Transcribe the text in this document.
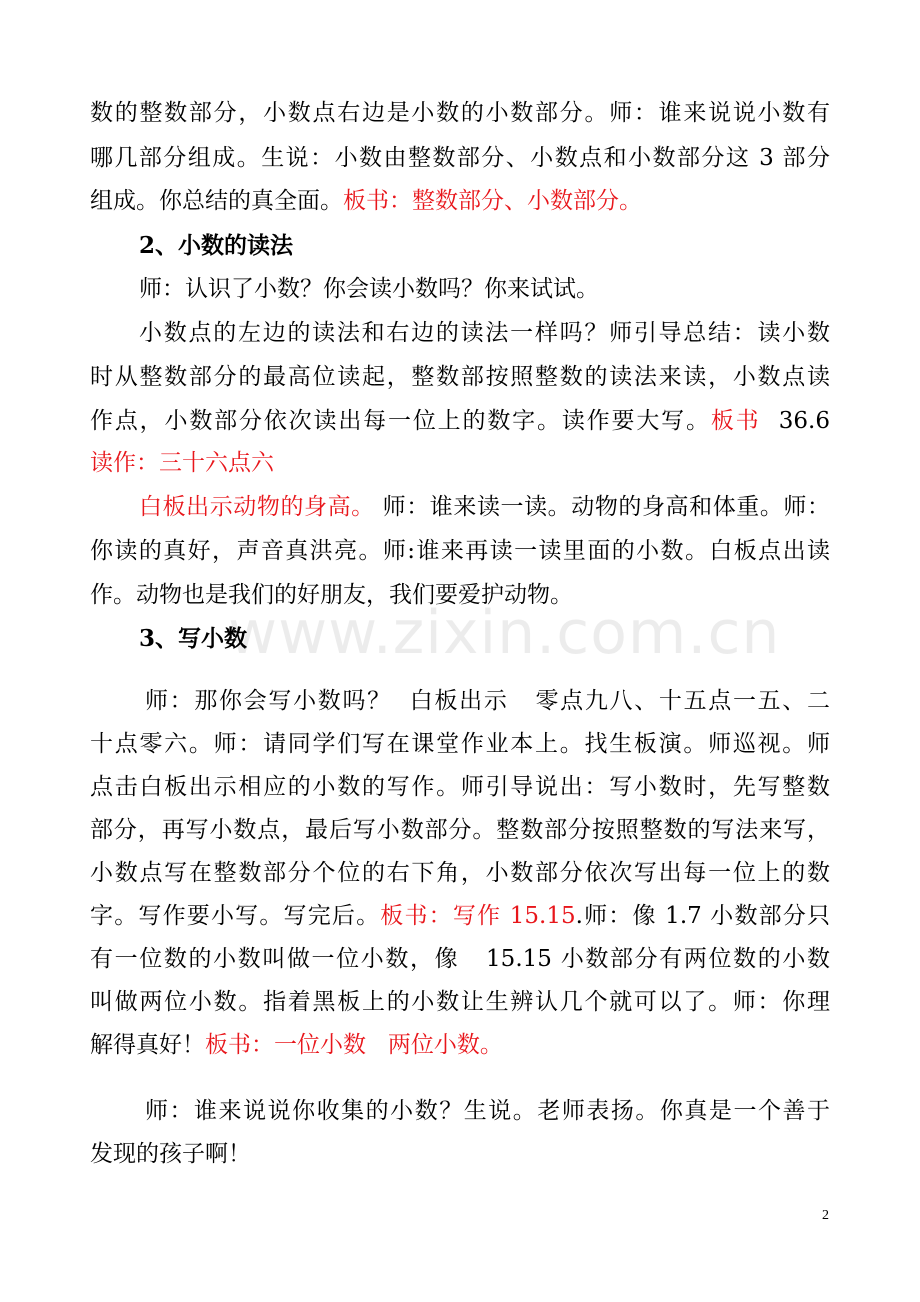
www.zixin.com.cn
数的整数部分，小数点右边是小数的小数部分。师：谁来说说小数有
哪几部分组成。生说：小数由整数部分、小数点和小数部分这 3 部分
组成。你总结的真全面。板书：整数部分、小数部分。
2、小数的读法
师：认识了小数？你会读小数吗？你来试试。
小数点的左边的读法和右边的读法一样吗？师引导总结：读小数
时从整数部分的最高位读起，整数部按照整数的读法来读，小数点读
作点，小数部分依次读出每一位上的数字。读作要大写。板书  36.6
读作：三十六点六
白板出示动物的身高。 师：谁来读一读。动物的身高和体重。师：
你读的真好，声音真洪亮。师:谁来再读一读里面的小数。白板点出读
作。动物也是我们的好朋友，我们要爱护动物。
3、写小数
师：那你会写小数吗？  白板出示   零点九八、十五点一五、二
十点零六。师：请同学们写在课堂作业本上。找生板演。师巡视。师
点击白板出示相应的小数的写作。师引导说出：写小数时，先写整数
部分，再写小数点，最后写小数部分。整数部分按照整数的写法来写，
小数点写在整数部分个位的右下角，小数部分依次写出每一位上的数
字。写作要小写。写完后。板书：写作 15.15.师：像 1.7 小数部分只
有一位数的小数叫做一位小数，像   15.15 小数部分有两位数的小数
叫做两位小数。指着黑板上的小数让生辨认几个就可以了。师：你理
解得真好！板书：一位小数   两位小数。
师：谁来说说你收集的小数？生说。老师表扬。你真是一个善于
发现的孩子啊！
2
